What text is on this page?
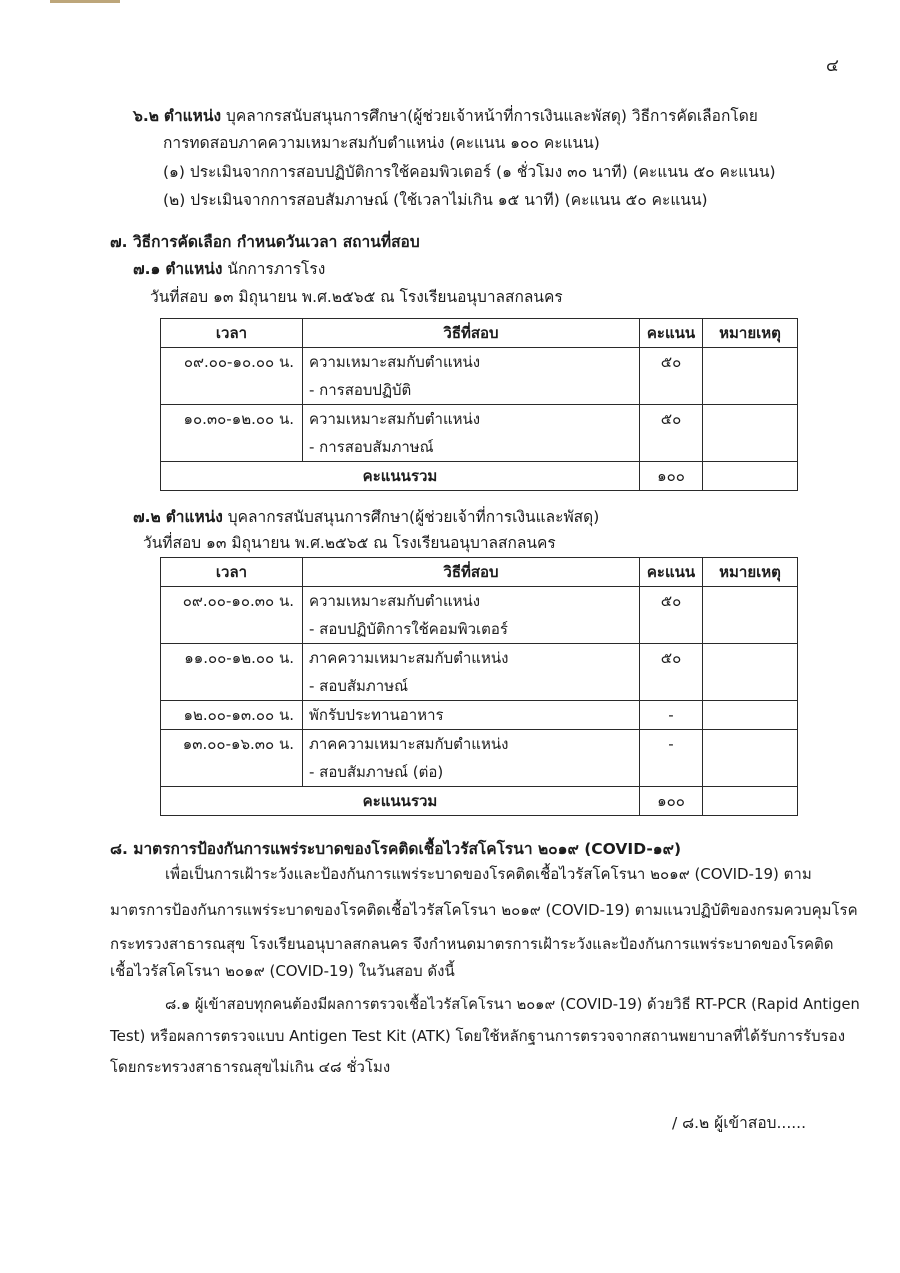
๔
๖.๒ ตำแหน่ง บุคลากรสนับสนุนการศึกษา(ผู้ช่วยเจ้าหน้าที่การเงินและพัสดุ) วิธีการคัดเลือกโดย
การทดสอบภาคความเหมาะสมกับตำแหน่ง (คะแนน ๑๐๐ คะแนน)
(๑) ประเมินจากการสอบปฏิบัติการใช้คอมพิวเตอร์ (๑ ชั่วโมง ๓๐ นาที) (คะแนน ๕๐ คะแนน)
(๒) ประเมินจากการสอบสัมภาษณ์ (ใช้เวลาไม่เกิน ๑๕ นาที) (คะแนน ๕๐ คะแนน)
๗. วิธีการคัดเลือก กำหนดวันเวลา สถานที่สอบ
๗.๑ ตำแหน่ง นักการภารโรง
วันที่สอบ ๑๓ มิถุนายน พ.ศ.๒๕๖๕ ณ โรงเรียนอนุบาลสกลนคร
เวลา	วิธีที่สอบ	คะแนน	หมายเหตุ

๐๙.๐๐-๑๐.๐๐ น.	ความเหมาะสมกับตำแหน่ง
- การสอบปฏิบัติ	๕๐	

๑๐.๓๐-๑๒.๐๐ น.	ความเหมาะสมกับตำแหน่ง
- การสอบสัมภาษณ์	๕๐	

คะแนนรวม		๑๐๐	
๗.๒ ตำแหน่ง บุคลากรสนับสนุนการศึกษา(ผู้ช่วยเจ้าที่การเงินและพัสดุ)
วันที่สอบ ๑๓ มิถุนายน พ.ศ.๒๕๖๕ ณ โรงเรียนอนุบาลสกลนคร
เวลา	วิธีที่สอบ	คะแนน	หมายเหตุ

๐๙.๐๐-๑๐.๓๐ น.	ความเหมาะสมกับตำแหน่ง
- สอบปฏิบัติการใช้คอมพิวเตอร์	๕๐	

๑๑.๐๐-๑๒.๐๐ น.	ภาคความเหมาะสมกับตำแหน่ง
- สอบสัมภาษณ์	๕๐	

๑๒.๐๐-๑๓.๐๐ น.	พักรับประทานอาหาร	-	

๑๓.๐๐-๑๖.๓๐ น.	ภาคความเหมาะสมกับตำแหน่ง
- สอบสัมภาษณ์ (ต่อ)	-	

คะแนนรวม		๑๐๐	
๘. มาตรการป้องกันการแพร่ระบาดของโรคติดเชื้อไวรัสโคโรนา ๒๐๑๙ (COVID-๑๙)
เพื่อเป็นการเฝ้าระวังและป้องกันการแพร่ระบาดของโรคติดเชื้อไวรัสโคโรนา ๒๐๑๙ (COVID-19) ตาม
มาตรการป้องกันการแพร่ระบาดของโรคติดเชื้อไวรัสโคโรนา ๒๐๑๙ (COVID-19) ตามแนวปฏิบัติของกรมควบคุมโรค
กระทรวงสาธารณสุข โรงเรียนอนุบาลสกลนคร จึงกำหนดมาตรการเฝ้าระวังและป้องกันการแพร่ระบาดของโรคติด
เชื้อไวรัสโคโรนา ๒๐๑๙ (COVID-19) ในวันสอบ ดังนี้
๘.๑ ผู้เข้าสอบทุกคนต้องมีผลการตรวจเชื้อไวรัสโคโรนา ๒๐๑๙ (COVID-19) ด้วยวิธี RT-PCR (Rapid Antigen
Test) หรือผลการตรวจแบบ Antigen Test Kit (ATK) โดยใช้หลักฐานการตรวจจากสถานพยาบาลที่ได้รับการรับรอง
โดยกระทรวงสาธารณสุขไม่เกิน ๔๘ ชั่วโมง
/ ๘.๒ ผู้เข้าสอบ......
